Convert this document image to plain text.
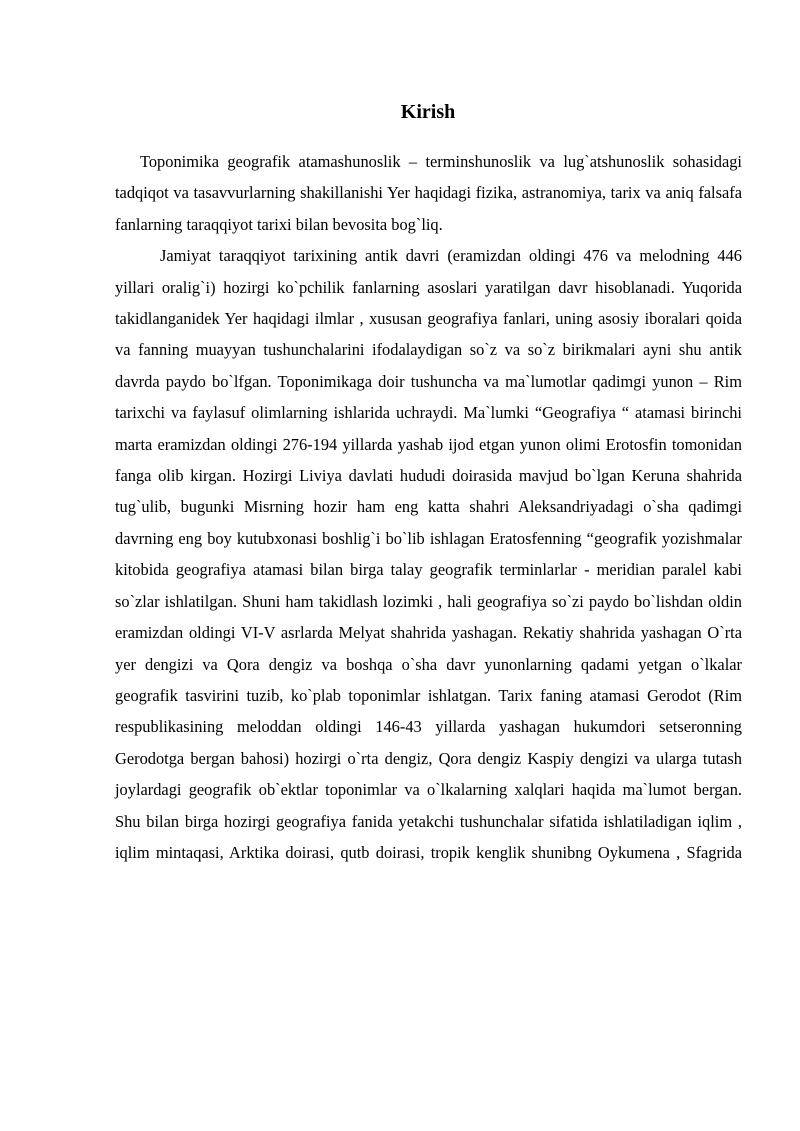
Kirish

Toponimika geografik atamashunoslik – terminshunoslik va lug`atshunoslik sohasidagi tadqiqot va tasavvurlarning shakillanishi Yer haqidagi fizika, astranomiya, tarix va aniq falsafa fanlarning taraqqiyot tarixi bilan bevosita bog`liq.

Jamiyat taraqqiyot tarixining antik davri (eramizdan oldingi 476 va melodning 446 yillari oralig`i) hozirgi ko`pchilik fanlarning asoslari yaratilgan davr hisoblanadi. Yuqorida takidlanganidek Yer haqidagi ilmlar , xususan geografiya fanlari, uning asosiy iboralari qoida va fanning muayyan tushunchalarini ifodalaydigan so`z va so`z birikmalari ayni shu antik davrda paydo bo`lfgan. Toponimikaga doir tushuncha va ma`lumotlar qadimgi yunon – Rim tarixchi va faylasuf olimlarning ishlarida uchraydi. Ma`lumki “Geografiya “ atamasi birinchi marta eramizdan oldingi 276-194 yillarda yashab ijod etgan yunon olimi Erotosfin tomonidan fanga olib kirgan. Hozirgi Liviya davlati hududi doirasida mavjud bo`lgan Keruna shahrida tug`ulib, bugunki Misrning hozir ham eng katta shahri Aleksandriyadagi o`sha qadimgi davrning eng boy kutubxonasi boshlig`i bo`lib ishlagan Eratosfenning “geografik yozishmalar kitobida geografiya atamasi bilan birga talay geografik terminlarlar - meridian paralel kabi so`zlar ishlatilgan. Shuni ham takidlash lozimki , hali geografiya so`zi paydo bo`lishdan oldin eramizdan oldingi VI-V asrlarda Melyat shahrida yashagan. Rekatiy shahrida yashagan O`rta yer dengizi va Qora dengiz va boshqa o`sha davr yunonlarning qadami yetgan o`lkalar geografik tasvirini tuzib, ko`plab toponimlar ishlatgan. Tarix faning atamasi Gerodot (Rim respublikasining meloddan oldingi 146-43 yillarda yashagan hukumdori setseronning Gerodotga bergan bahosi) hozirgi o`rta dengiz, Qora dengiz Kaspiy dengizi va ularga tutash joylardagi geografik ob`ektlar toponimlar va o`lkalarning xalqlari haqida ma`lumot bergan. Shu bilan birga hozirgi geografiya fanida yetakchi tushunchalar sifatida ishlatiladigan iqlim , iqlim mintaqasi, Arktika doirasi, qutb doirasi, tropik kenglik shunibng Oykumena , Sfagrida
